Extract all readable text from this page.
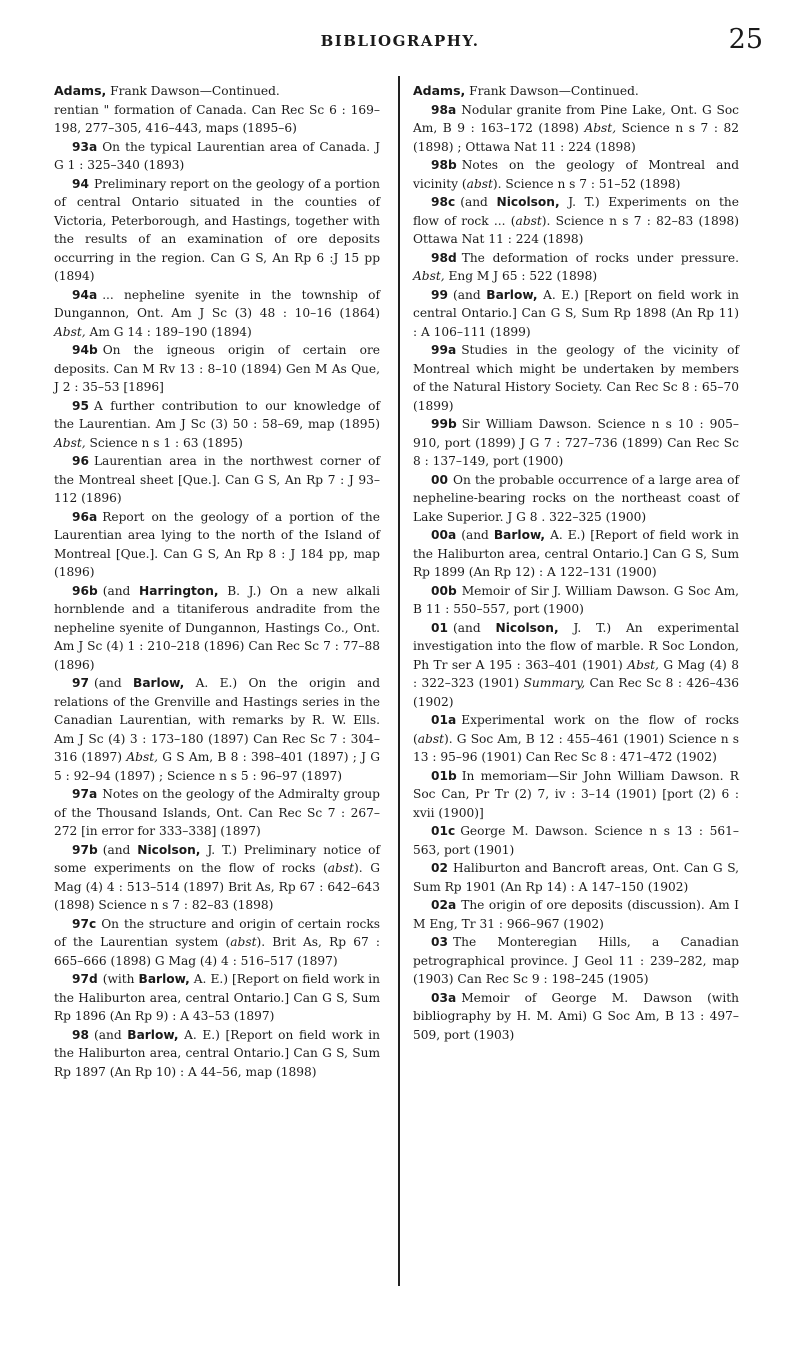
BIBLIOGRAPHY.	25

Adams, Frank Dawson—Continued.

rentian " formation of Canada. Can Rec Sc 6 : 169–198, 277–305, 416–443, maps (1895–6)

93a On the typical Laurentian area of Canada. J G 1 : 325–340 (1893)

94 Preliminary report on the geology of a portion of central Ontario situated in the counties of Victoria, Peterborough, and Hastings, together with the results of an examination of ore deposits occurring in the region. Can G S, An Rp 6 :J 15 pp (1894)

94a ... nepheline syenite in the township of Dungannon, Ont. Am J Sc (3) 48 : 10–16 (1864) Abst, Am G 14 : 189–190 (1894)

94b On the igneous origin of certain ore deposits. Can M Rv 13 : 8–10 (1894) Gen M As Que, J 2 : 35–53 [1896]

95 A further contribution to our knowledge of the Laurentian. Am J Sc (3) 50 : 58–69, map (1895) Abst, Science n s 1 : 63 (1895)

96 Laurentian area in the northwest corner of the Montreal sheet [Que.]. Can G S, An Rp 7 : J 93–112 (1896)

96a Report on the geology of a portion of the Laurentian area lying to the north of the Island of Montreal [Que.]. Can G S, An Rp 8 : J 184 pp, map (1896)

96b (and Harrington, B. J.) On a new alkali hornblende and a titaniferous andradite from the nepheline syenite of Dungannon, Hastings Co., Ont. Am J Sc (4) 1 : 210–218 (1896) Can Rec Sc 7 : 77–88 (1896)

97 (and Barlow, A. E.) On the origin and relations of the Grenville and Hastings series in the Canadian Laurentian, with remarks by R. W. Ells. Am J Sc (4) 3 : 173–180 (1897) Can Rec Sc 7 : 304–316 (1897) Abst, G S Am, B 8 : 398–401 (1897) ; J G 5 : 92–94 (1897) ; Science n s 5 : 96–97 (1897)

97a Notes on the geology of the Admiralty group of the Thousand Islands, Ont. Can Rec Sc 7 : 267–272 [in error for 333–338] (1897)

97b (and Nicolson, J. T.) Preliminary notice of some experiments on the flow of rocks (abst). G Mag (4) 4 : 513–514 (1897) Brit As, Rp 67 : 642–643 (1898) Science n s 7 : 82–83 (1898)

97c On the structure and origin of certain rocks of the Laurentian system (abst). Brit As, Rp 67 : 665–666 (1898) G Mag (4) 4 : 516–517 (1897)

97d (with Barlow, A. E.) [Report on field work in the Haliburton area, central Ontario.] Can G S, Sum Rp 1896 (An Rp 9) : A 43–53 (1897)

98 (and Barlow, A. E.) [Report on field work in the Haliburton area, central Ontario.] Can G S, Sum Rp 1897 (An Rp 10) : A 44–56, map (1898)

Adams, Frank Dawson—Continued.

98a Nodular granite from Pine Lake, Ont. G Soc Am, B 9 : 163–172 (1898) Abst, Science n s 7 : 82 (1898) ; Ottawa Nat 11 : 224 (1898)

98b Notes on the geology of Montreal and vicinity (abst). Science n s 7 : 51–52 (1898)

98c (and Nicolson, J. T.) Experiments on the flow of rock ... (abst). Science n s 7 : 82–83 (1898) Ottawa Nat 11 : 224 (1898)

98d The deformation of rocks under pressure. Abst, Eng M J 65 : 522 (1898)

99 (and Barlow, A. E.) [Report on field work in central Ontario.] Can G S, Sum Rp 1898 (An Rp 11) : A 106–111 (1899)

99a Studies in the geology of the vicinity of Montreal which might be undertaken by members of the Natural History Society. Can Rec Sc 8 : 65–70 (1899)

99b Sir William Dawson. Science n s 10 : 905–910, port (1899) J G 7 : 727–736 (1899) Can Rec Sc 8 : 137–149, port (1900)

00 On the probable occurrence of a large area of nepheline-bearing rocks on the northeast coast of Lake Superior. J G 8 . 322–325 (1900)

00a (and Barlow, A. E.) [Report of field work in the Haliburton area, central Ontario.] Can G S, Sum Rp 1899 (An Rp 12) : A 122–131 (1900)

00b Memoir of Sir J. William Dawson. G Soc Am, B 11 : 550–557, port (1900)

01 (and Nicolson, J. T.) An experimental investigation into the flow of marble. R Soc London, Ph Tr ser A 195 : 363–401 (1901) Abst, G Mag (4) 8 : 322–323 (1901) Summary, Can Rec Sc 8 : 426–436 (1902)

01a Experimental work on the flow of rocks (abst). G Soc Am, B 12 : 455–461 (1901) Science n s 13 : 95–96 (1901) Can Rec Sc 8 : 471–472 (1902)

01b In memoriam—Sir John William Dawson. R Soc Can, Pr Tr (2) 7, iv : 3–14 (1901) [port (2) 6 : xvii (1900)]

01c George M. Dawson. Science n s 13 : 561–563, port (1901)

02 Haliburton and Bancroft areas, Ont. Can G S, Sum Rp 1901 (An Rp 14) : A 147–150 (1902)

02a The origin of ore deposits (discussion). Am I M Eng, Tr 31 : 966–967 (1902)

03 The Monteregian Hills, a Canadian petrographical province. J Geol 11 : 239–282, map (1903) Can Rec Sc 9 : 198–245 (1905)

03a Memoir of George M. Dawson (with bibliography by H. M. Ami) G Soc Am, B 13 : 497–509, port (1903)
